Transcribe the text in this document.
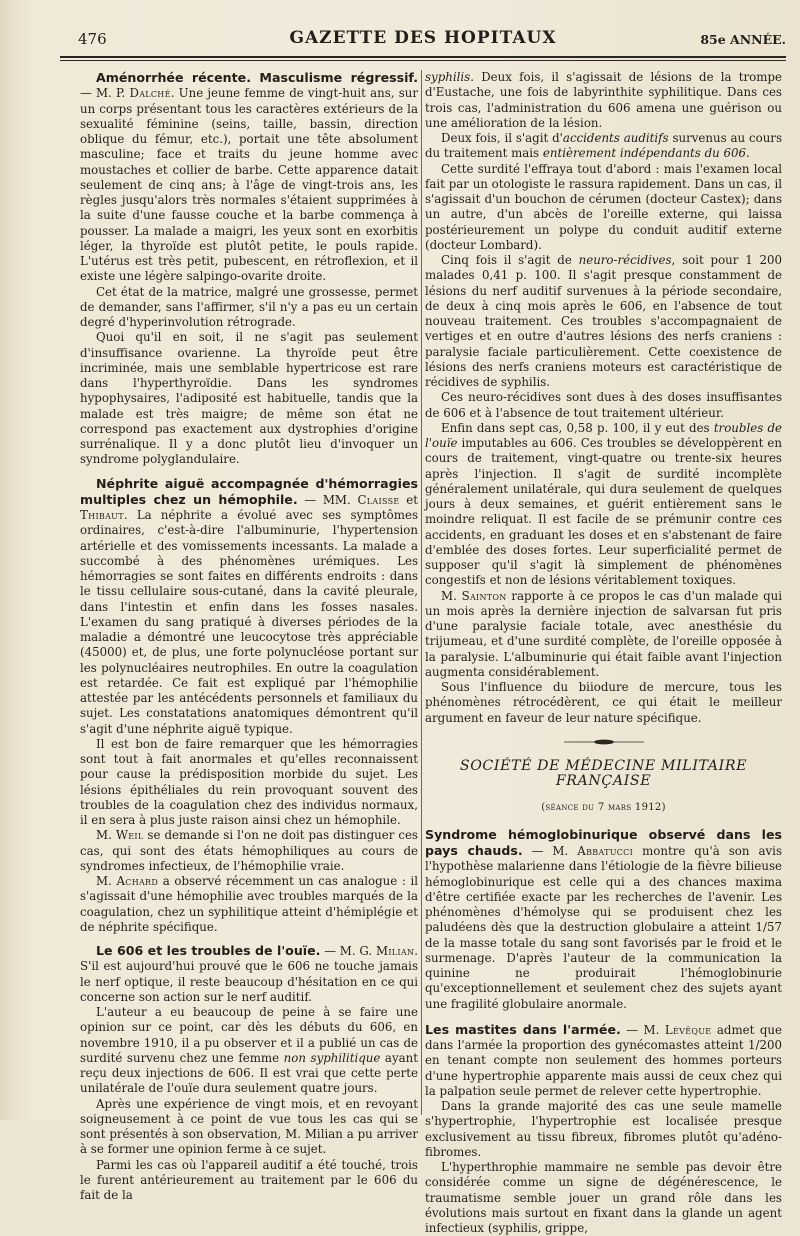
476	GAZETTE DES HOPITAUX	85e ANNÉE.

Aménorrhée récente. Masculisme régressif. — M. P. Dalché. Une jeune femme de vingt-huit ans, sur un corps présentant tous les caractères extérieurs de la sexualité féminine (seins, taille, bassin, direction oblique du fémur, etc.), portait une tête absolument masculine; face et traits du jeune homme avec moustaches et collier de barbe. Cette apparence datait seulement de cinq ans; à l'âge de vingt-trois ans, les règles jusqu'alors très normales s'étaient supprimées à la suite d'une fausse couche et la barbe commença à pousser. La malade a maigri, les yeux sont en exorbitis léger, la thyroïde est plutôt petite, le pouls rapide. L'utérus est très petit, pubescent, en rétroflexion, et il existe une légère salpingo-ovarite droite.

Cet état de la matrice, malgré une grossesse, permet de demander, sans l'affirmer, s'il n'y a pas eu un certain degré d'hyperinvolution rétrograde.

Quoi qu'il en soit, il ne s'agit pas seulement d'insuffisance ovarienne. La thyroïde peut être incriminée, mais une semblable hypertricose est rare dans l'hyperthyroïdie. Dans les syndromes hypophysaires, l'adiposité est habituelle, tandis que la malade est très maigre; de même son état ne correspond pas exactement aux dystrophies d'origine surrénalique. Il y a donc plutôt lieu d'invoquer un syndrome polyglandulaire.

Néphrite aiguë accompagnée d'hémorragies multiples chez un hémophile. — MM. Claisse et Thibaut. La néphrite a évolué avec ses symptômes ordinaires, c'est-à-dire l'albuminurie, l'hypertension artérielle et des vomissements incessants. La malade a succombé à des phénomènes urémiques. Les hémorragies se sont faites en différents endroits : dans le tissu cellulaire sous-cutané, dans la cavité pleurale, dans l'intestin et enfin dans les fosses nasales. L'examen du sang pratiqué à diverses périodes de la maladie a démontré une leucocytose très appréciable (45000) et, de plus, une forte polynucléose portant sur les polynucléaires neutrophiles. En outre la coagulation est retardée. Ce fait est expliqué par l'hémophilie attestée par les antécédents personnels et familiaux du sujet. Les constatations anatomiques démontrent qu'il s'agit d'une néphrite aiguë typique.

Il est bon de faire remarquer que les hémorragies sont tout à fait anormales et qu'elles reconnaissent pour cause la prédisposition morbide du sujet. Les lésions épithéliales du rein provoquant souvent des troubles de la coagulation chez des individus normaux, il en sera à plus juste raison ainsi chez un hémophile.

M. Weil se demande si l'on ne doit pas distinguer ces cas, qui sont des états hémophiliques au cours de syndromes infectieux, de l'hémophilie vraie.

M. Achard a observé récemment un cas analogue : il s'agissait d'une hémophilie avec troubles marqués de la coagulation, chez un syphilitique atteint d'hémiplégie et de néphrite spécifique.

Le 606 et les troubles de l'ouïe. — M. G. Milian. S'il est aujourd'hui prouvé que le 606 ne touche jamais le nerf optique, il reste beaucoup d'hésitation en ce qui concerne son action sur le nerf auditif.

L'auteur a eu beaucoup de peine à se faire une opinion sur ce point, car dès les débuts du 606, en novembre 1910, il a pu observer et il a publié un cas de surdité survenu chez une femme non syphilitique ayant reçu deux injections de 606. Il est vrai que cette perte unilatérale de l'ouïe dura seulement quatre jours.

Après une expérience de vingt mois, et en revoyant soigneusement à ce point de vue tous les cas qui se sont présentés à son observation, M. Milian a pu arriver à se former une opinion ferme à ce sujet.

Parmi les cas où l'appareil auditif a été touché, trois le furent antérieurement au traitement par le 606 du fait de la

syphilis. Deux fois, il s'agissait de lésions de la trompe d'Eustache, une fois de labyrinthite syphilitique. Dans ces trois cas, l'administration du 606 amena une guérison ou une amélioration de la lésion.

Deux fois, il s'agit d'accidents auditifs survenus au cours du traitement mais entièrement indépendants du 606.

Cette surdité l'effraya tout d'abord : mais l'examen local fait par un otologiste le rassura rapidement. Dans un cas, il s'agissait d'un bouchon de cérumen (docteur Castex); dans un autre, d'un abcès de l'oreille externe, qui laissa postérieurement un polype du conduit auditif externe (docteur Lombard).

Cinq fois il s'agit de neuro-récidives, soit pour 1 200 malades 0,41 p. 100. Il s'agit presque constamment de lésions du nerf auditif survenues à la période secondaire, de deux à cinq mois après le 606, en l'absence de tout nouveau traitement. Ces troubles s'accompagnaient de vertiges et en outre d'autres lésions des nerfs craniens : paralysie faciale particulièrement. Cette coexistence de lésions des nerfs craniens moteurs est caractéristique de récidives de syphilis.

Ces neuro-récidives sont dues à des doses insuffisantes de 606 et à l'absence de tout traitement ultérieur.

Enfin dans sept cas, 0,58 p. 100, il y eut des troubles de l'ouïe imputables au 606. Ces troubles se développèrent en cours de traitement, vingt-quatre ou trente-six heures après l'injection. Il s'agit de surdité incomplète généralement unilatérale, qui dura seulement de quelques jours à deux semaines, et guérit entièrement sans le moindre reliquat. Il est facile de se prémunir contre ces accidents, en graduant les doses et en s'abstenant de faire d'emblée des doses fortes. Leur superficialité permet de supposer qu'il s'agit là simplement de phénomènes congestifs et non de lésions véritablement toxiques.

M. Sainton rapporte à ce propos le cas d'un malade qui un mois après la dernière injection de salvarsan fut pris d'une paralysie faciale totale, avec anesthésie du trijumeau, et d'une surdité complète, de l'oreille opposée à la paralysie. L'albuminurie qui était faible avant l'injection augmenta considérablement.

Sous l'influence du biiodure de mercure, tous les phénomènes rétrocédèrent, ce qui était le meilleur argument en faveur de leur nature spécifique.

SOCIÉTÉ DE MÉDECINE MILITAIRE FRANÇAISE
(séance du 7 mars 1912)

Syndrome hémoglobinurique observé dans les pays chauds. — M. Abbatucci montre qu'à son avis l'hypothèse malarienne dans l'étiologie de la fièvre bilieuse hémoglobinurique est celle qui a des chances maxima d'être certifiée exacte par les recherches de l'avenir. Les phénomènes d'hémolyse qui se produisent chez les paludéens dès que la destruction globulaire a atteint 1/57 de la masse totale du sang sont favorisés par le froid et le surmenage. D'après l'auteur de la communication la quinine ne produirait l'hémoglobinurie qu'exceptionnellement et seulement chez des sujets ayant une fragilité globulaire anormale.

Les mastites dans l'armée. — M. Lévêque admet que dans l'armée la proportion des gynécomastes atteint 1/200 en tenant compte non seulement des hommes porteurs d'une hypertrophie apparente mais aussi de ceux chez qui la palpation seule permet de relever cette hypertrophie.

Dans la grande majorité des cas une seule mamelle s'hypertrophie, l'hypertrophie est localisée presque exclusivement au tissu fibreux, fibromes plutôt qu'adéno-fibromes.

L'hyperthrophie mammaire ne semble pas devoir être considérée comme un signe de dégénérescence, le traumatisme semble jouer un grand rôle dans les évolutions mais surtout en fixant dans la glande un agent infectieux (syphilis, grippe,
